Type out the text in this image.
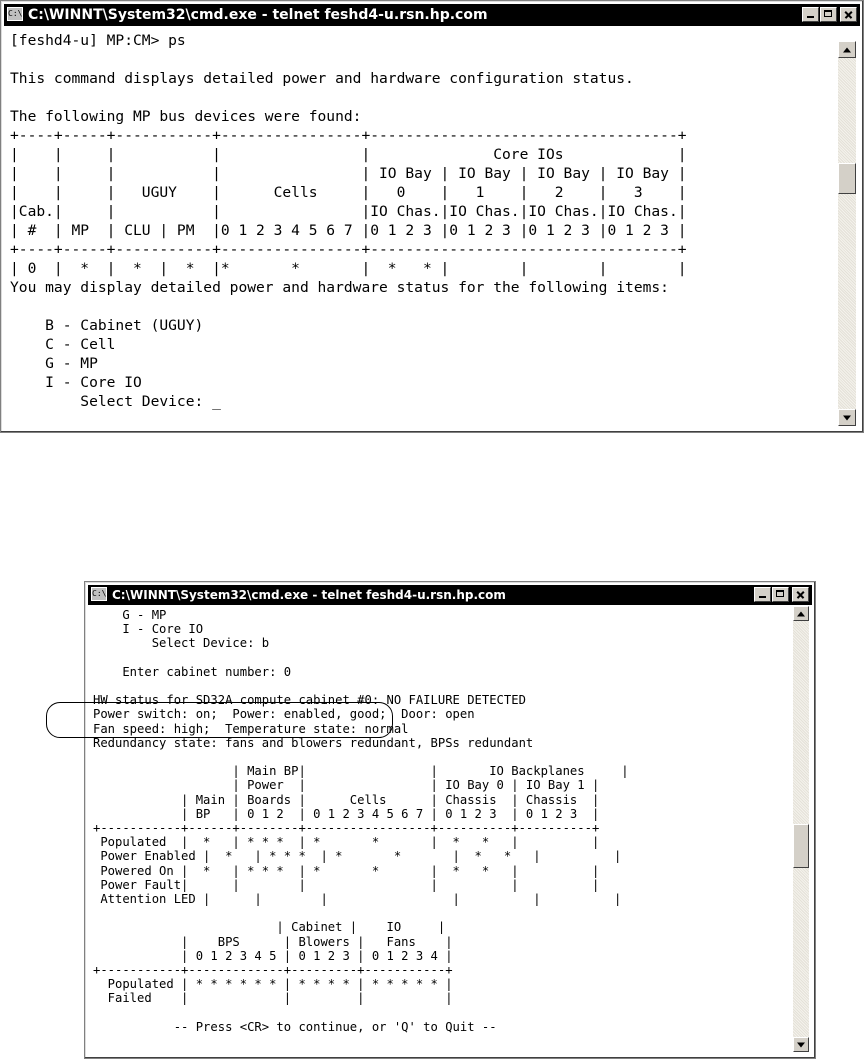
C:\ C:\WINNT\System32\cmd.exe - telnet feshd4-u.rsn.hp.com
[feshd4-u] MP:CM> ps

This command displays detailed power and hardware configuration status.

The following MP bus devices were found:
+----+-----+-----------+----------------+-----------------------------------+
|    |     |           |                |              Core IOs             |
|    |     |           |                | IO Bay | IO Bay | IO Bay | IO Bay |
|    |     |   UGUY    |      Cells     |   0    |   1    |   2    |   3    |
|Cab.|     |           |                |IO Chas.|IO Chas.|IO Chas.|IO Chas.|
| #  | MP  | CLU | PM  |0 1 2 3 4 5 6 7 |0 1 2 3 |0 1 2 3 |0 1 2 3 |0 1 2 3 |
+----+-----+-----------+----------------+-----------------------------------+
| 0  |  *  |  *  |  *  |*       *       |  *   * |        |        |        |
You may display detailed power and hardware status for the following items:

B - Cabinet (UGUY)
C - Cell
G - MP
I - Core IO
Select Device: _

C:\ C:\WINNT\System32\cmd.exe - telnet feshd4-u.rsn.hp.com
G - MP
I - Core IO
Select Device: b

Enter cabinet number: 0

HW status for SD32A compute cabinet #0: NO FAILURE DETECTED
Power switch: on;  Power: enabled, good;  Door: open
Fan speed: high;  Temperature state: normal
Redundancy state: fans and blowers redundant, BPSs redundant

| Main BP|                 |       IO Backplanes     |
| Power  |                 | IO Bay 0 | IO Bay 1 |
| Main | Boards |      Cells      | Chassis  | Chassis  |
| BP   | 0 1 2  | 0 1 2 3 4 5 6 7 | 0 1 2 3  | 0 1 2 3  |
+-----------+------+--------+-----------------+----------+----------+
Populated  |  *   | * * *  | *       *       |  *   *   |          |
Power Enabled |  *   | * * *  | *       *       |  *   *   |          |
Powered On |  *   | * * *  | *       *       |  *   *   |          |
Power Fault|      |        |                 |          |          |
Attention LED |      |        |                 |          |          |

| Cabinet |    IO     |
|    BPS      | Blowers |   Fans    |
| 0 1 2 3 4 5 | 0 1 2 3 | 0 1 2 3 4 |
+-----------+-------------+---------+-----------+
Populated | * * * * * * | * * * * | * * * * * |
Failed    |             |         |           |

-- Press <CR> to continue, or 'Q' to Quit --
